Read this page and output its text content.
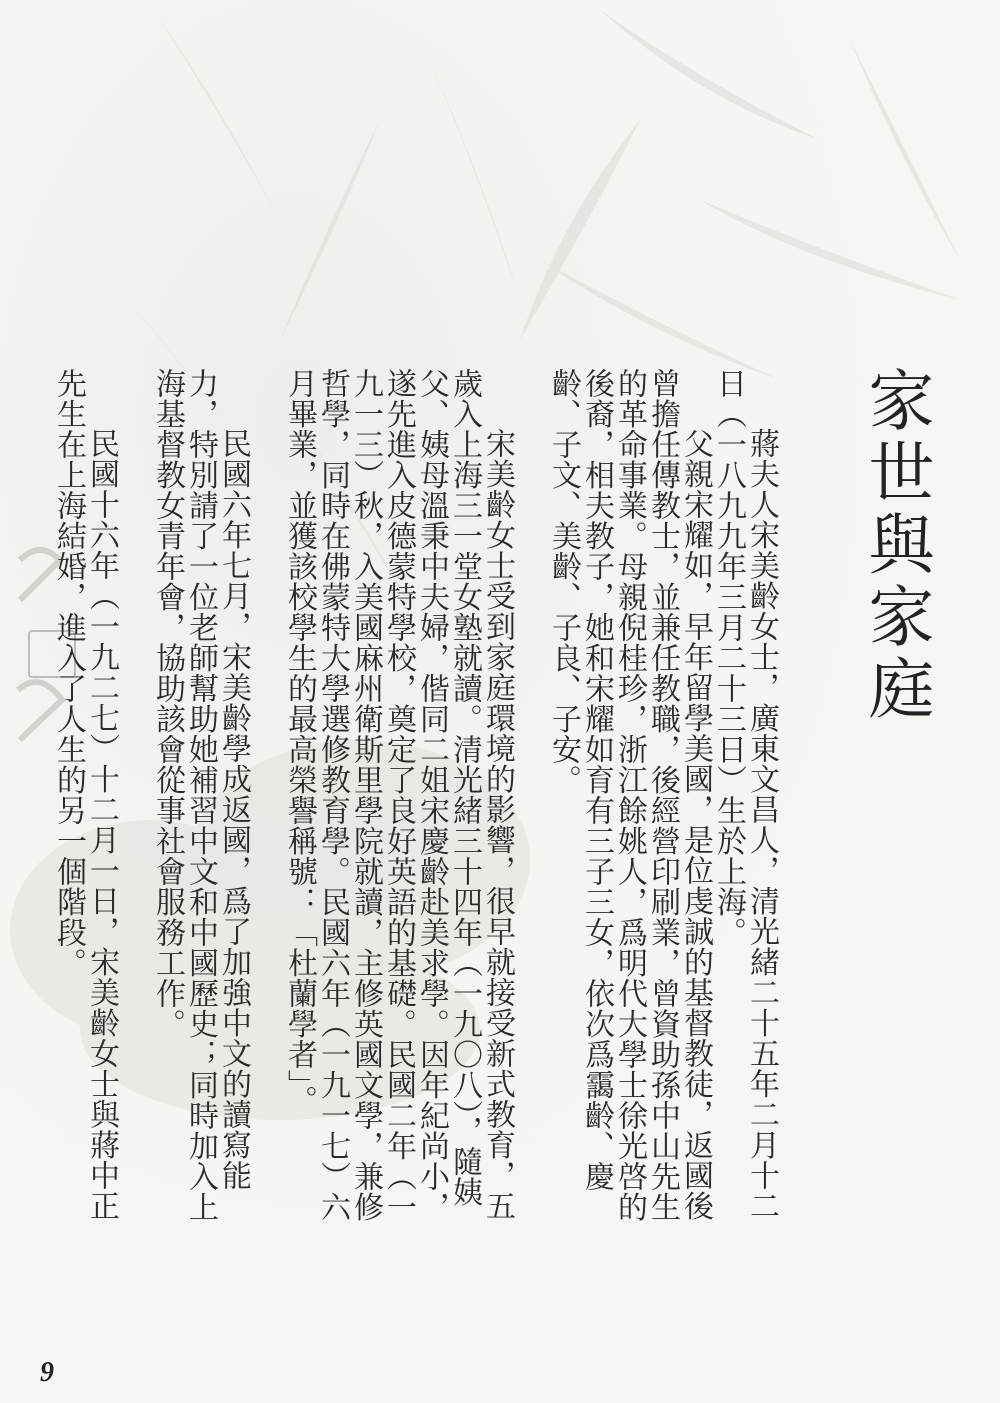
家世與家庭

蔣夫人宋美齡女士，廣東文昌人，清光緒二十五年二月十二日（一八九九年三月二十三日）生於上海。

父親宋耀如，早年留學美國，是位虔誠的基督教徒，返國後曾擔任傳教士，並兼任教職，後經營印刷業，曾資助孫中山先生的革命事業。母親倪桂珍，浙江餘姚人，爲明代大學士徐光啓的後裔，相夫教子，她和宋耀如育有三子三女，依次爲靄齡、慶齡、子文、美齡、子良、子安。

宋美齡女士受到家庭環境的影響，很早就接受新式教育，五歲入上海三一堂女塾就讀。清光緒三十四年（一九〇八），隨姨父、姨母溫秉中夫婦，偕同二姐宋慶齡赴美求學。因年紀尚小，遂先進入皮德蒙特學校，奠定了良好英語的基礎。民國二年（一九一三）秋，入美國麻州衛斯里學院就讀，主修英國文學，兼修哲學，同時在佛蒙特大學選修教育學。民國六年（一九一七）六月畢業，並獲該校學生的最高榮譽稱號：「杜蘭學者」。

民國六年七月，宋美齡學成返國，爲了加強中文的讀寫能力，特別請了一位老師幫助她補習中文和中國歷史；同時加入上海基督教女青年會，協助該會從事社會服務工作。

民國十六年（一九二七）十二月一日，宋美齡女士與蔣中正先生在上海結婚，進入了人生的另一個階段。

9
